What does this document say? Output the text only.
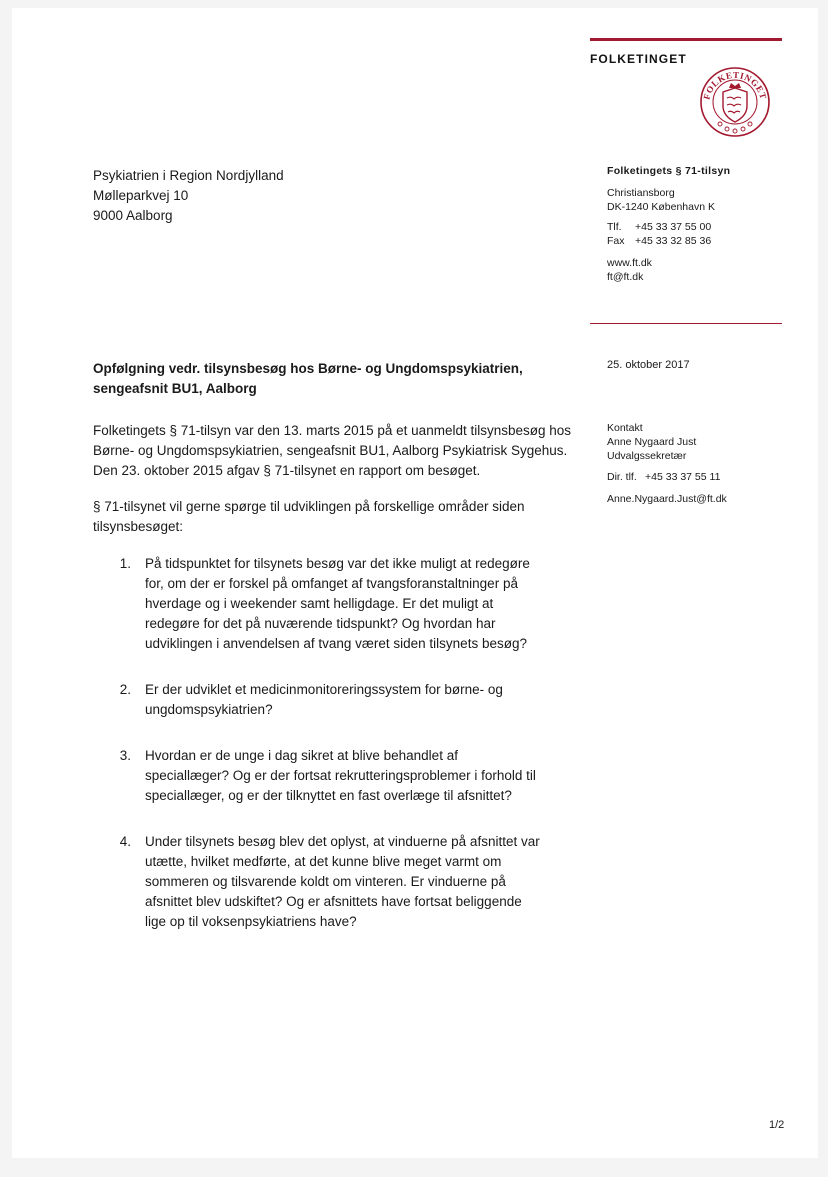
FOLKETINGET
FOLKETINGET
Psykiatrien i Region Nordjylland
Mølleparkvej 10
9000 Aalborg
Folketingets § 71-tilsyn
Christiansborg
DK-1240 København K
Tlf.	+45 33 37 55 00
Fax +45 33 32 85 36
www.ft.dk
ft@ft.dk
25. oktober 2017
Kontakt
Anne Nygaard Just
Udvalgssekretær
Dir. tlf. +45 33 37 55 11
Anne.Nygaard.Just@ft.dk
Opfølgning vedr. tilsynsbesøg hos Børne- og Ungdomspsykiatrien, sengeafsnit BU1, Aalborg
Folketingets § 71-tilsyn var den 13. marts 2015 på et uanmeldt tilsynsbesøg hos Børne- og Ungdomspsykiatrien, sengeafsnit BU1, Aalborg Psykiatrisk Sygehus. Den 23. oktober 2015 afgav § 71-tilsynet en rapport om besøget.
§ 71-tilsynet vil gerne spørge til udviklingen på forskellige områder siden tilsynsbesøget:
1.	På tidspunktet for tilsynets besøg var det ikke muligt at redegøre for, om der er forskel på omfanget af tvangsforanstaltninger på hverdage og i weekender samt helligdage. Er det muligt at redegøre for det på nuværende tidspunkt? Og hvordan har udviklingen i anvendelsen af tvang været siden tilsynets besøg?
2.	Er der udviklet et medicinmonitoreringssystem for børne- og ungdomspsykiatrien?
3.	Hvordan er de unge i dag sikret at blive behandlet af speciallæger? Og er der fortsat rekrutteringsproblemer i forhold til speciallæger, og er der tilknyttet en fast overlæge til afsnittet?
4.	Under tilsynets besøg blev det oplyst, at vinduerne på afsnittet var utætte, hvilket medførte, at det kunne blive meget varmt om sommeren og tilsvarende koldt om vinteren. Er vinduerne på afsnittet blev udskiftet? Og er afsnittets have fortsat beliggende lige op til voksenpsykiatriens have?
1/2
